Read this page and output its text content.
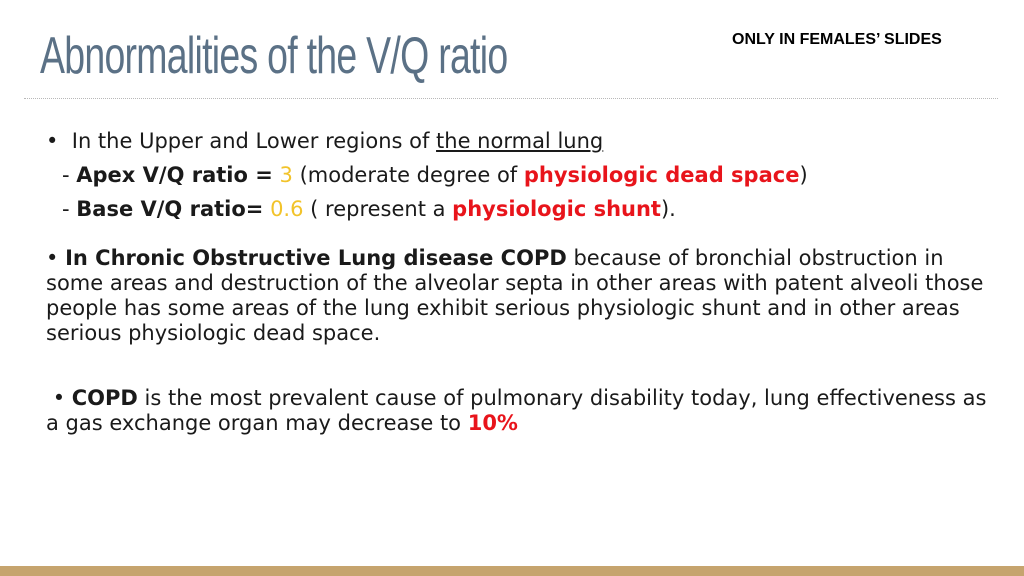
Abnormalities of the V/Q ratio	ONLY IN FEMALES’ SLIDES

• In the Upper and Lower regions of the normal lung

- Apex V/Q ratio = 3 (moderate degree of physiologic dead space)

- Base V/Q ratio= 0.6 ( represent a physiologic shunt).

• In Chronic Obstructive Lung disease COPD because of bronchial obstruction in some areas and destruction of the alveolar septa in other areas with patent alveoli those people has some areas of the lung exhibit serious physiologic shunt and in other areas serious physiologic dead space.

• COPD is the most prevalent cause of pulmonary disability today, lung effectiveness as a gas exchange organ may decrease to 10%
